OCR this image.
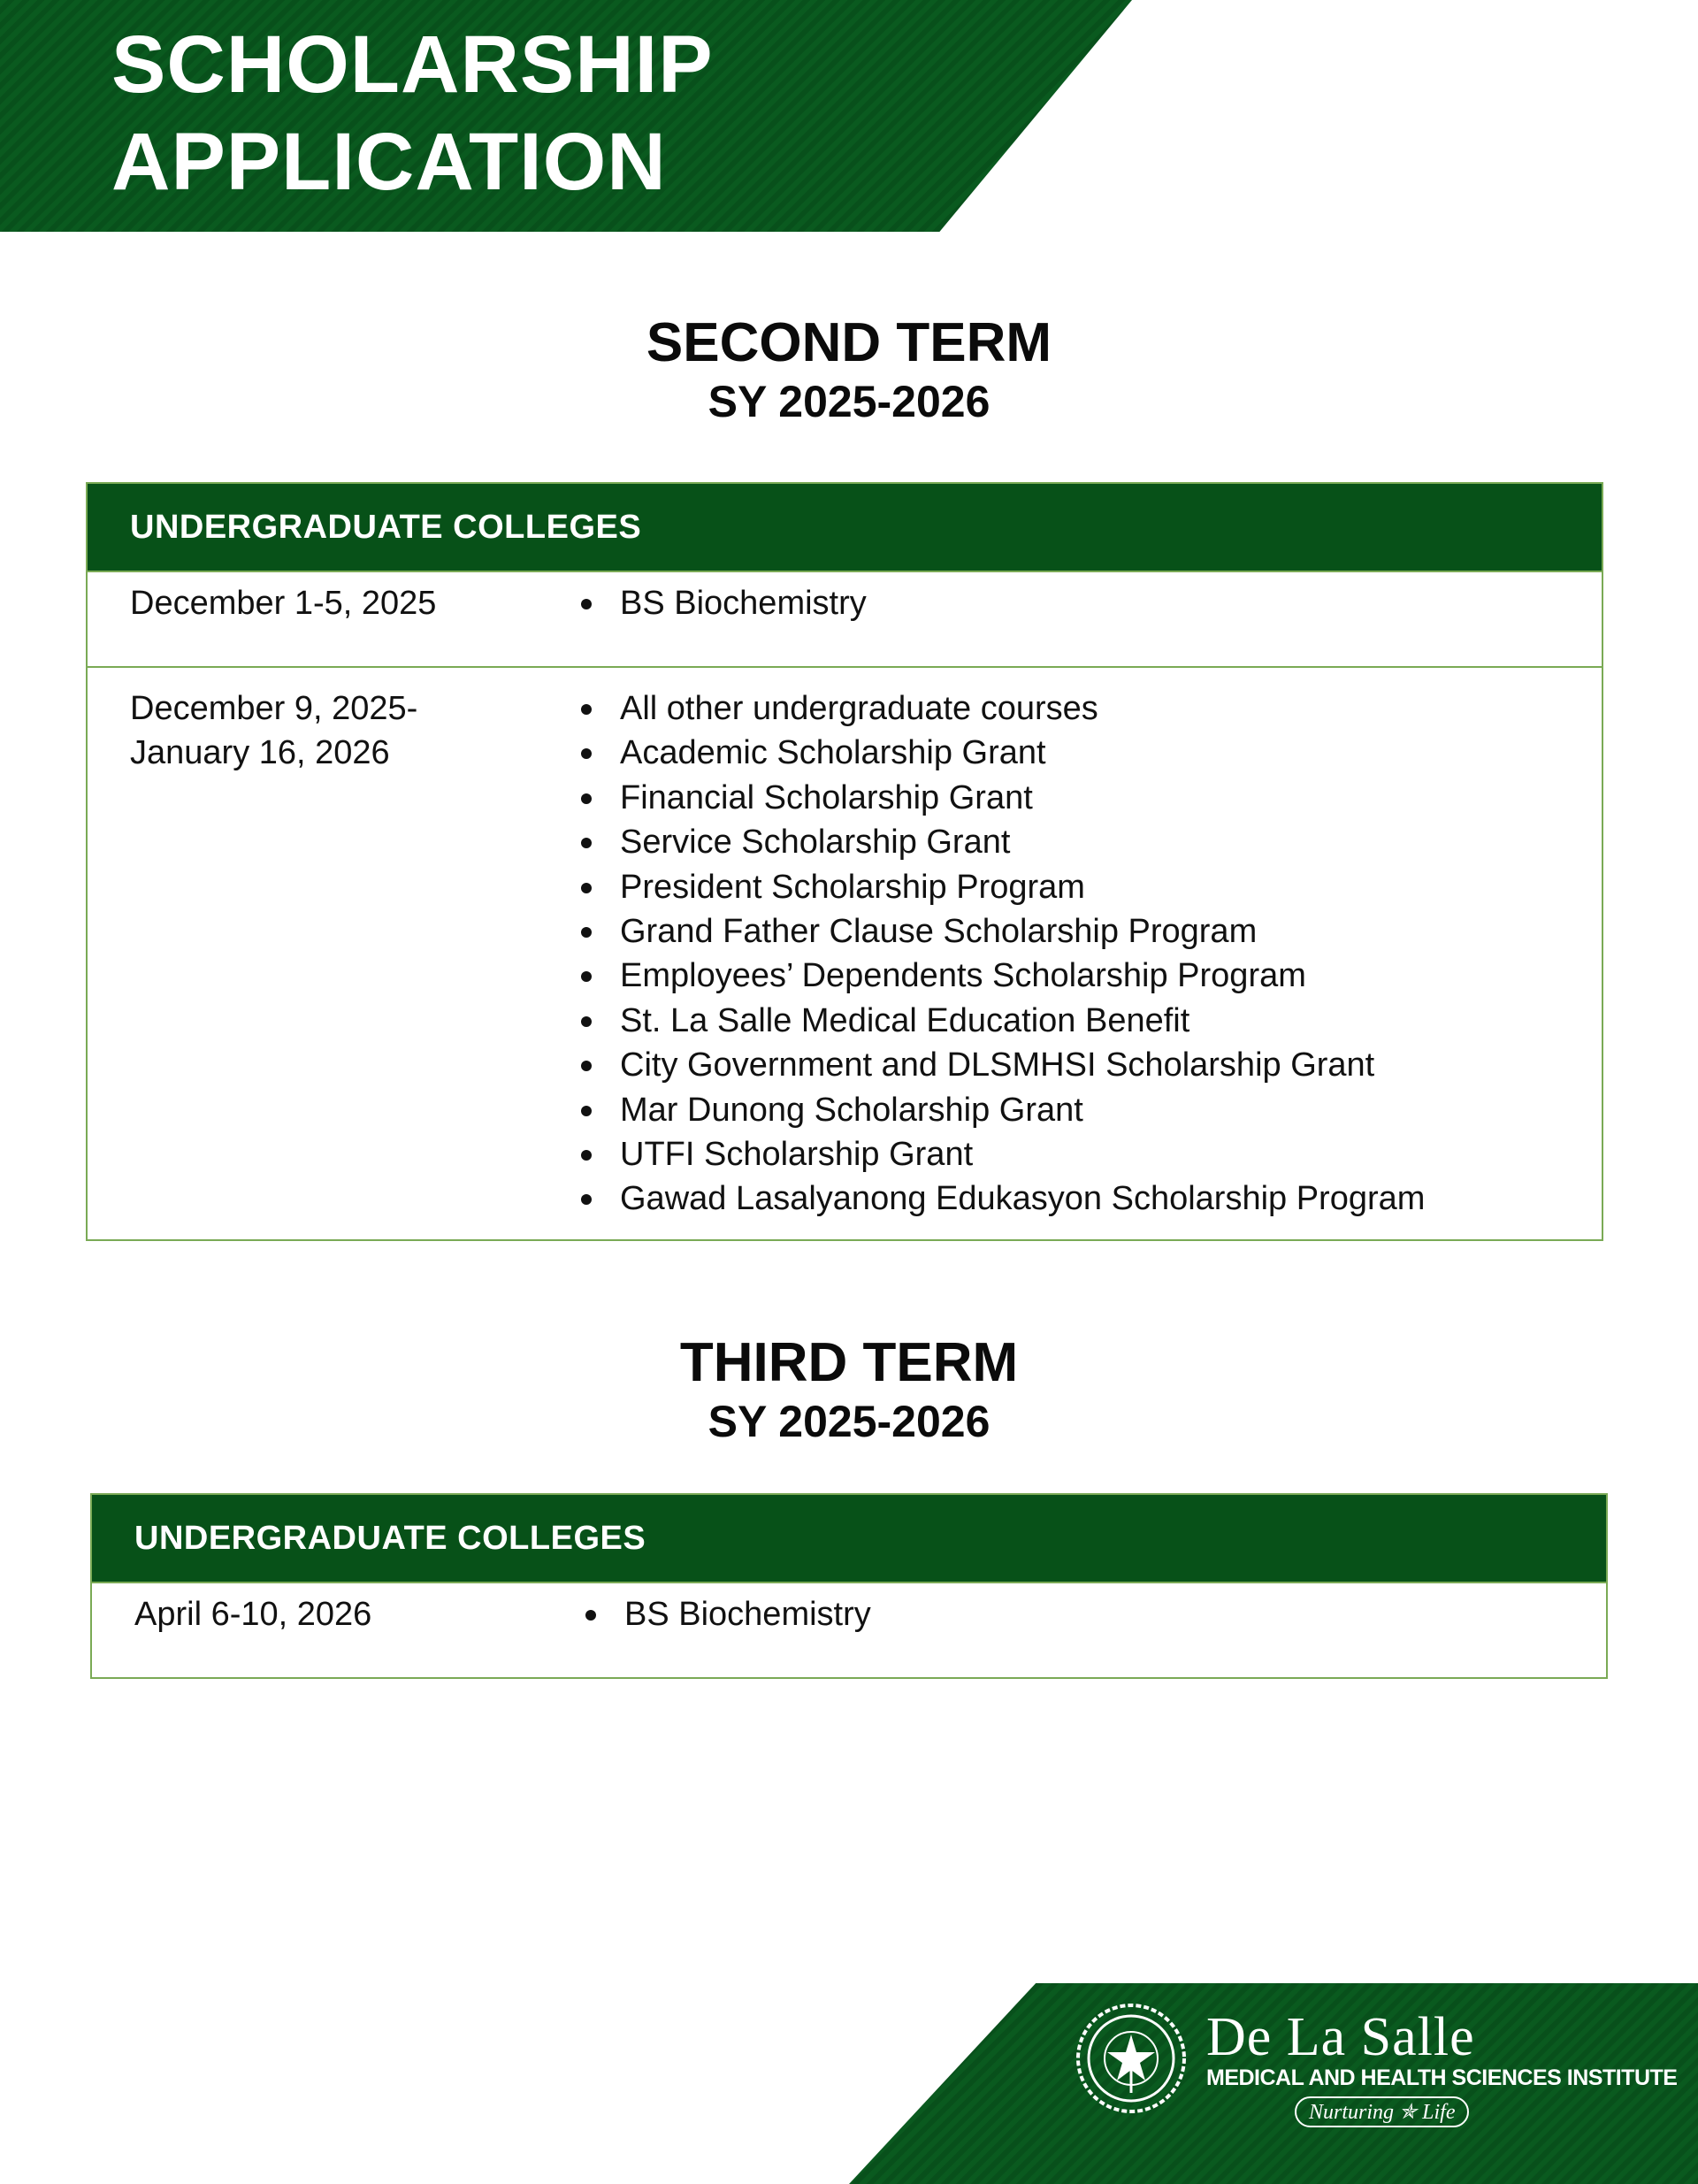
SCHOLARSHIP
APPLICATION
SECOND TERM
SY 2025-2026
UNDERGRADUATE COLLEGES
December 1-5, 2025	BS Biochemistry
December 9, 2025-
January 16, 2026
All other undergraduate courses
Academic Scholarship Grant
Financial Scholarship Grant
Service Scholarship Grant
President Scholarship Program
Grand Father Clause Scholarship Program
Employees’ Dependents Scholarship Program
St. La Salle Medical Education Benefit
City Government and DLSMHSI Scholarship Grant
Mar Dunong Scholarship Grant
UTFI Scholarship Grant
Gawad Lasalyanong Edukasyon Scholarship Program
THIRD TERM
SY 2025-2026
UNDERGRADUATE COLLEGES
April 6-10, 2026	BS Biochemistry

De La Salle
MEDICAL AND HEALTH SCIENCES INSTITUTE

Nurturing ✯ Life
